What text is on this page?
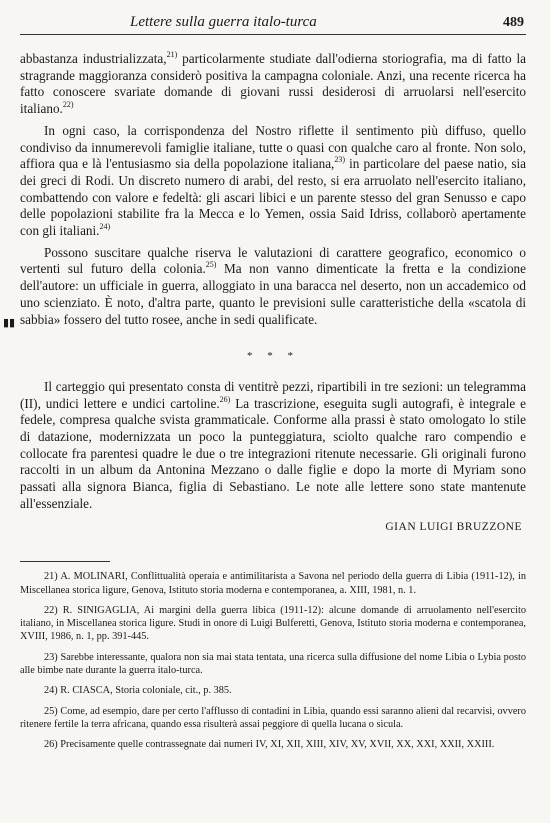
Lettere sulla guerra italo-turca	489

abbastanza industrializzata,$^{21)}$ particolarmente studiate dall'odierna storiografia, ma di fatto la stragrande maggioranza considerò positiva la campagna coloniale. Anzi, una recente ricerca ha fatto conoscere svariate domande di giovani russi desiderosi di arruolarsi nell'esercito italiano.$^{22)}$

In ogni caso, la corrispondenza del Nostro riflette il sentimento più diffuso, quello condiviso da innumerevoli famiglie italiane, tutte o quasi con qualche caro al fronte. Non solo, affiora qua e là l'entusiasmo sia della popolazione italiana,$^{23)}$ in particolare del paese natio, sia dei greci di Rodi. Un discreto numero di arabi, del resto, si era arruolato nell'esercito italiano, combattendo con valore e fedeltà: gli ascari libici e un parente stesso del gran Senusso e capo delle popolazioni stabilite fra la Mecca e lo Yemen, ossia Said Idriss, collaborò apertamente con gli italiani.$^{24)}$

Possono suscitare qualche riserva le valutazioni di carattere geografico, economico o vertenti sul futuro della colonia.$^{25)}$ Ma non vanno dimenticate la fretta e la condizione dell'autore: un ufficiale in guerra, alloggiato in una baracca nel deserto, non un accademico od uno scienziato. È noto, d'altra parte, quanto le previsioni sulle caratteristiche della «scatola di sabbia» fossero del tutto rosee, anche in sedi qualificate.

* * *

Il carteggio qui presentato consta di ventitrè pezzi, ripartibili in tre sezioni: un telegramma (II), undici lettere e undici cartoline.$^{26)}$ La trascrizione, eseguita sugli autografi, è integrale e fedele, compresa qualche svista grammaticale. Conforme alla prassi è stato omologato lo stile di datazione, modernizzata un poco la punteggiatura, sciolto qualche raro compendio e collocate fra parentesi quadre le due o tre integrazioni ritenute necessarie. Gli originali furono raccolti in un album da Antonina Mezzano o dalle figlie e dopo la morte di Myriam sono passati alla signora Bianca, figlia di Sebastiano. Le note alle lettere sono state mantenute all'essenziale.

GIAN LUIGI BRUZZONE

21) A. MOLINARI, Conflittualità operaia e antimilitarista a Savona nel periodo della guerra di Libia (1911-12), in Miscellanea storica ligure, Genova, Istituto storia moderna e contemporanea, a. XIII, 1981, n. 1.

22) R. SINIGAGLIA, Ai margini della guerra libica (1911-12): alcune domande di arruolamento nell'esercito italiano, in Miscellanea storica ligure. Studi in onore di Luigi Bulferetti, Genova, Istituto storia moderna e contemporanea, XVIII, 1986, n. 1, pp. 391-445.

23) Sarebbe interessante, qualora non sia mai stata tentata, una ricerca sulla diffusione del nome Libia o Lybia posto alle bimbe nate durante la guerra italo-turca.

24) R. CIASCA, Storia coloniale, cit., p. 385.

25) Come, ad esempio, dare per certo l'afflusso di contadini in Libia, quando essi saranno alieni dal recarvisi, ovvero ritenere fertile la terra africana, quando essa risulterà assai peggiore di quella lucana o sicula.

26) Precisamente quelle contrassegnate dai numeri IV, XI, XII, XIII, XIV, XV, XVII, XX, XXI, XXII, XXIII.

▮▮
